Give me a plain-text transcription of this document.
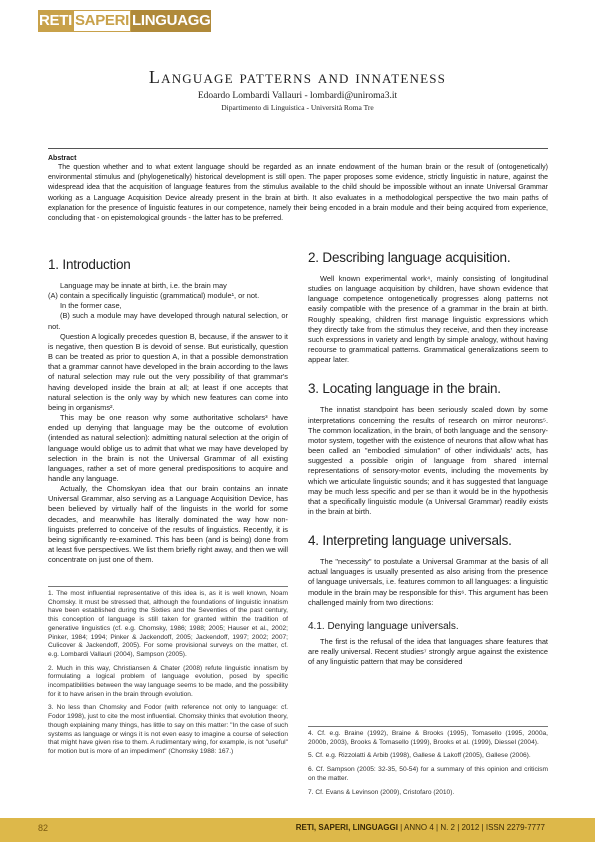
RETI SAPERI LINGUAGG
Language patterns and innateness
Edoardo Lombardi Vallauri - lombardi@uniroma3.it
Dipartimento di Linguistica - Università Roma Tre
Abstract
The question whether and to what extent language should be regarded as an innate endowment of the human brain or the result of (ontogenetically) environmental stimulus and (phylogenetically) historical development is still open. The paper proposes some evidence, strictly linguistic in nature, against the widespread idea that the acquisition of language features from the stimulus available to the child should be impossible without an innate Universal Grammar working as a Language Acquisition Device already present in the brain at birth. It also evaluates in a methodological perspective the two main paths of explanation for the presence of linguistic features in our competence, namely their being encoded in a brain module and their being acquired from experience, concluding that - on epistemological grounds - the latter has to be preferred.
1. Introduction

Language may be innate at birth, i.e. the brain may

(A) contain a specifically linguistic (grammatical) module¹, or not.

In the former case,

(B) such a module may have developed through natural selection, or not.

Question A logically precedes question B, because, if the answer to it is negative, then question B is devoid of sense. But euristically, question B can be treated as prior to question A, in that a possible demonstration that a grammar cannot have developed in the brain according to the laws of natural selection may rule out the very possibility of that grammar's having developed inside the brain at all; at least if one accepts that natural selection is the only way by which new features can come into being in organisms².

This may be one reason why some authoritative scholars³ have ended up denying that language may be the outcome of evolution (intended as natural selection): admitting natural selection at the origin of language would oblige us to admit that what we may have developed by selection in the brain is not the Universal Grammar of all existing languages, rather a set of more general predispositions to acquire and handle any language.

Actually, the Chomskyan idea that our brain contains an innate Universal Grammar, also serving as a Language Acquisition Device, has been believed by virtually half of the linguists in the world for some decades, and meanwhile has literally dominated the way how non-linguists preferred to conceive of the results of linguistics. Recently, it is being significantly re-examined. This has been (and is being) done from at least five perspectives. We list them briefly right away, and then we will concentrate on just one of them.

1. The most influential representative of this idea is, as it is well known, Noam Chomsky. It must be stressed that, although the foundations of linguistic innatism have been established during the Sixties and the Seventies of the past century, this conception of language is still taken for granted within the tradition of generative linguistics (cf. e.g. Chomsky, 1986; 1988; 2005; Hauser et al., 2002; Pinker, 1984; 1994; Pinker & Jackendoff, 2005; Jackendoff, 1997; 2002; 2007; Culicover & Jackendoff, 2005). For some provisional surveys on the matter, cf. e.g. Lombardi Vallauri (2004), Sampson (2005).

2. Much in this way, Christiansen & Chater (2008) refute linguistic innatism by formulating a logical problem of language evolution, posed by specific incompatibilities between the way language seems to be made, and the possibility for it to have arisen in the brain through evolution.

3. No less than Chomsky and Fodor (with reference not only to language: cf. Fodor 1998), just to cite the most influential. Chomsky thinks that evolution theory, though explaining many things, has little to say on this matter: "In the case of such systems as language or wings it is not even easy to imagine a course of selection that might have given rise to them. A rudimentary wing, for example, is not "useful" for motion but is more of an impediment" (Chomsky 1988: 167.)

2. Describing language acquisition.

Well known experimental work⁴, mainly consisting of longitudinal studies on language acquisition by children, have shown evidence that language competence ontogenetically progresses along patterns not easily compatible with the presence of a grammar in the brain at birth. Roughly speaking, children first manage linguistic expressions which they directly take from the stimulus they receive, and then they increase such expressions in variety and length by simple analogy, without having recourse to grammatical patterns. Grammatical generalizations seem to appear later.

3. Locating language in the brain.

The innatist standpoint has been seriously scaled down by some interpretations concerning the results of research on mirror neurons⁵. The common localization, in the brain, of both language and the sensory-motor system, together with the existence of neurons that allow what has been called an "embodied simulation" of other individuals' acts, has suggested a possible origin of language from shared internal representations of sensory-motor events, including the movements by which we articulate linguistic sounds; and it has suggested that language may be much less specific and per se than it would be in the hypothesis that a specifically linguistic module (a Universal Grammar) readily exists in the brain at birth.

4. Interpreting language universals.

The "necessity" to postulate a Universal Grammar at the basis of all actual languages is usually presented as also arising from the presence of language universals, i.e. features common to all languages: a linguistic module in the brain may be responsible for this⁶. This argument has been challenged mainly from two directions:

4.1. Denying language universals.

The first is the refusal of the idea that languages share features that are really universal. Recent studies⁷ strongly argue against the existence of any linguistic pattern that may be considered

4. Cf. e.g. Braine (1992), Braine & Brooks (1995), Tomasello (1995, 2000a, 2000b, 2003), Brooks & Tomasello (1999), Brooks et al. (1999), Diessel (2004).

5. Cf. e.g. Rizzolatti & Arbib (1998), Gallese & Lakoff (2005), Gallese (2006).

6. Cf. Sampson (2005: 32-35, 50-54) for a summary of this opinion and criticism on the matter.

7. Cf. Evans & Levinson (2009), Cristofaro (2010).

82	RETI, SAPERI, LINGUAGGI | ANNO 4 | N. 2 | 2012 | ISSN 2279-7777
